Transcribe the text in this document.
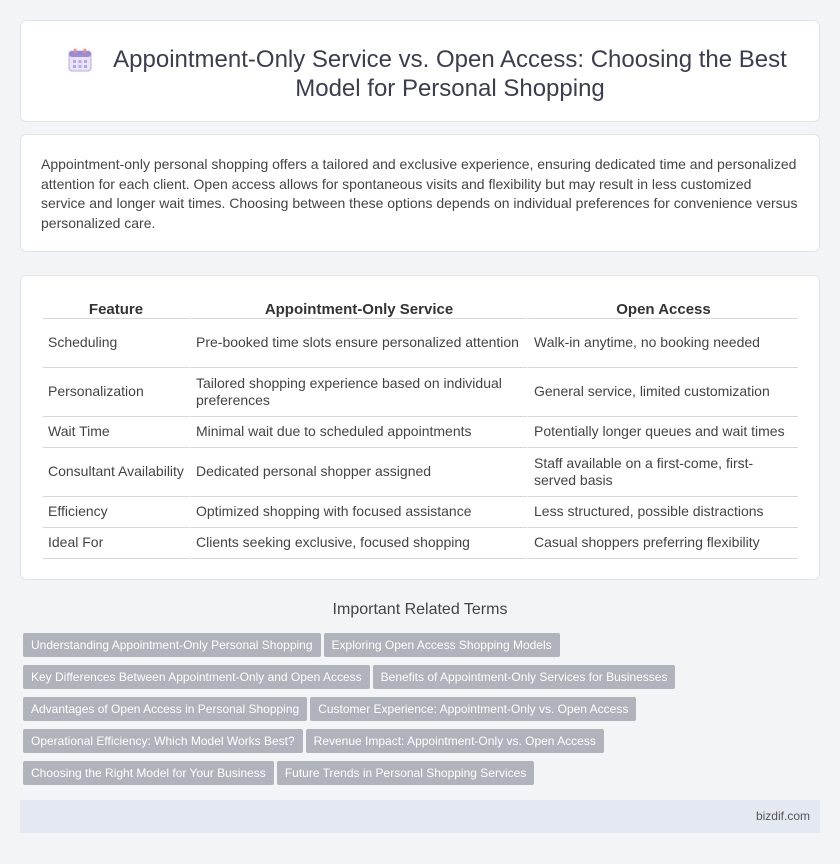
Appointment-Only Service vs. Open Access: Choosing the Best Model for Personal Shopping

Appointment-only personal shopping offers a tailored and exclusive experience, ensuring dedicated time and personalized attention for each client. Open access allows for spontaneous visits and flexibility but may result in less customized service and longer wait times. Choosing between these options depends on individual preferences for convenience versus personalized care.

Feature	Appointment-Only Service	Open Access
Scheduling	Pre-booked time slots ensure personalized attention	Walk-in anytime, no booking needed
Personalization	Tailored shopping experience based on individual preferences	General service, limited customization
Wait Time	Minimal wait due to scheduled appointments	Potentially longer queues and wait times
Consultant Availability	Dedicated personal shopper assigned	Staff available on a first-come, first-served basis
Efficiency	Optimized shopping with focused assistance	Less structured, possible distractions
Ideal For	Clients seeking exclusive, focused shopping	Casual shoppers preferring flexibility
Important Related Terms
Understanding Appointment-Only Personal Shopping Exploring Open Access Shopping Models
Key Differences Between Appointment-Only and Open Access Benefits of Appointment-Only Services for Businesses
Advantages of Open Access in Personal Shopping Customer Experience: Appointment-Only vs. Open Access
Operational Efficiency: Which Model Works Best? Revenue Impact: Appointment-Only vs. Open Access
Choosing the Right Model for Your Business Future Trends in Personal Shopping Services
bizdif.com
